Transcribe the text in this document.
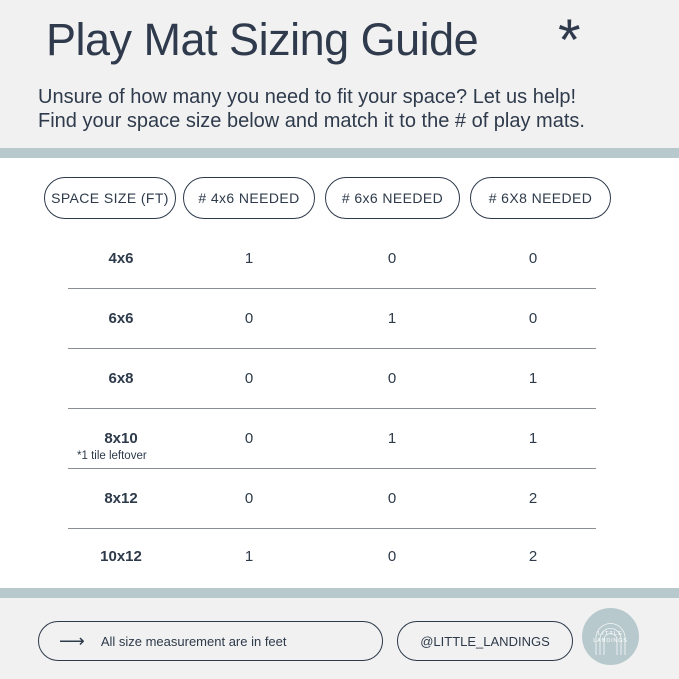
Play Mat Sizing Guide *
Unsure of how many you need to fit your space? Let us help!
Find your space size below and match it to the # of play mats.
SPACE SIZE (FT)	# 4x6 NEEDED	# 6x6 NEEDED	# 6X8 NEEDED
4x6	1	0	0
6x6	0	1	0
6x8	0	0	1
8x10	0	1	1
*1 tile leftover
8x12	0	0	2
10x12	1	0	2
⟶ All size measurement are in feet	@LITTLE_LANDINGS	LITTLE
LANDINGS
